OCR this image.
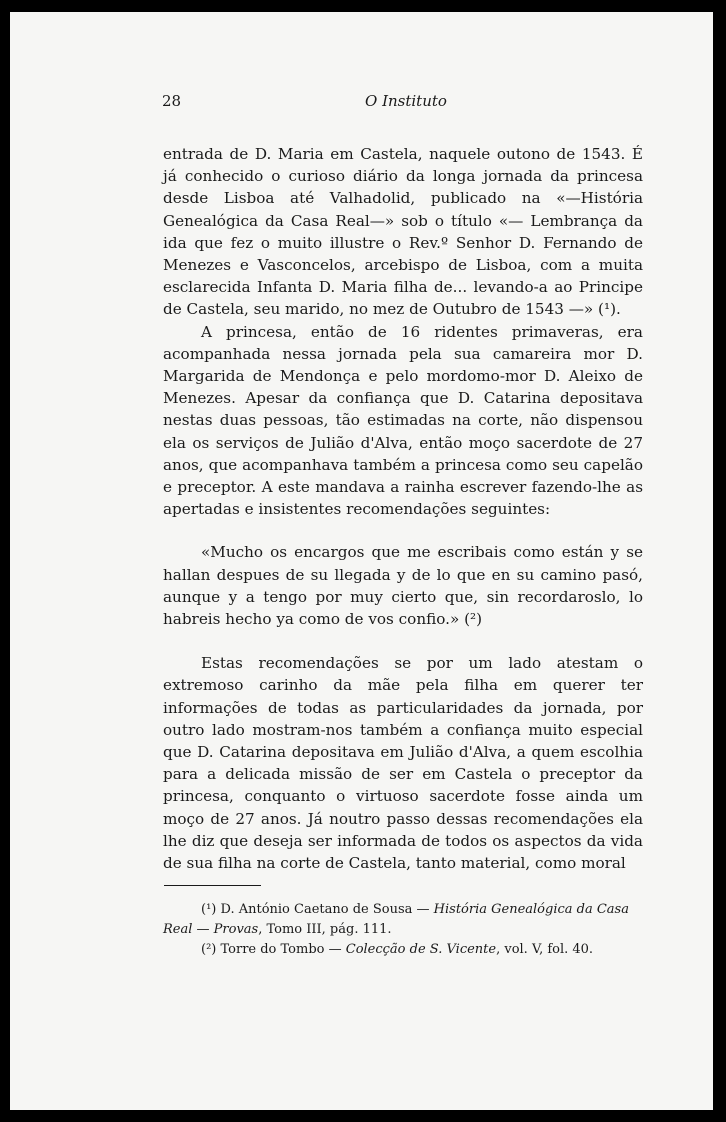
28	O Instituto

entrada de D. Maria em Castela, naquele outono de 1543. É já conhecido o curioso diário da longa jornada da princesa desde Lisboa até Valhadolid, publicado na «—História Genealógica da Casa Real—» sob o título «— Lembrança da ida que fez o muito illustre o Rev.º Senhor D. Fernando de Menezes e Vasconcelos, arcebispo de Lisboa, com a muita esclarecida Infanta D. Maria filha de... levando-a ao Principe de Castela, seu marido, no mez de Outubro de 1543 —» (¹).

A princesa, então de 16 ridentes primaveras, era acompanhada nessa jornada pela sua camareira mor D. Margarida de Mendonça e pelo mordomo-mor D. Aleixo de Menezes. Apesar da confiança que D. Catarina depositava nestas duas pessoas, tão estimadas na corte, não dispensou ela os serviços de Julião d'Alva, então moço sacerdote de 27 anos, que acompanhava também a princesa como seu capelão e preceptor. A este mandava a rainha escrever fazendo-lhe as apertadas e insistentes recomendações seguintes:

«Mucho os encargos que me escribais como están y se hallan despues de su llegada y de lo que en su camino pasó, aunque y a tengo por muy cierto que, sin recordaroslo, lo habreis hecho ya como de vos confio.» (²)

Estas recomendações se por um lado atestam o extremoso carinho da mãe pela filha em querer ter informações de todas as particularidades da jornada, por outro lado mostram-nos também a confiança muito especial que D. Catarina depositava em Julião d'Alva, a quem escolhia para a delicada missão de ser em Castela o preceptor da princesa, conquanto o virtuoso sacerdote fosse ainda um moço de 27 anos. Já noutro passo dessas recomendações ela lhe diz que deseja ser informada de todos os aspectos da vida de sua filha na corte de Castela, tanto material, como moral

(¹) D. António Caetano de Sousa — História Genealógica da Casa Real — Provas, Tomo III, pág. 111.

(²) Torre do Tombo — Colecção de S. Vicente, vol. V, fol. 40.
